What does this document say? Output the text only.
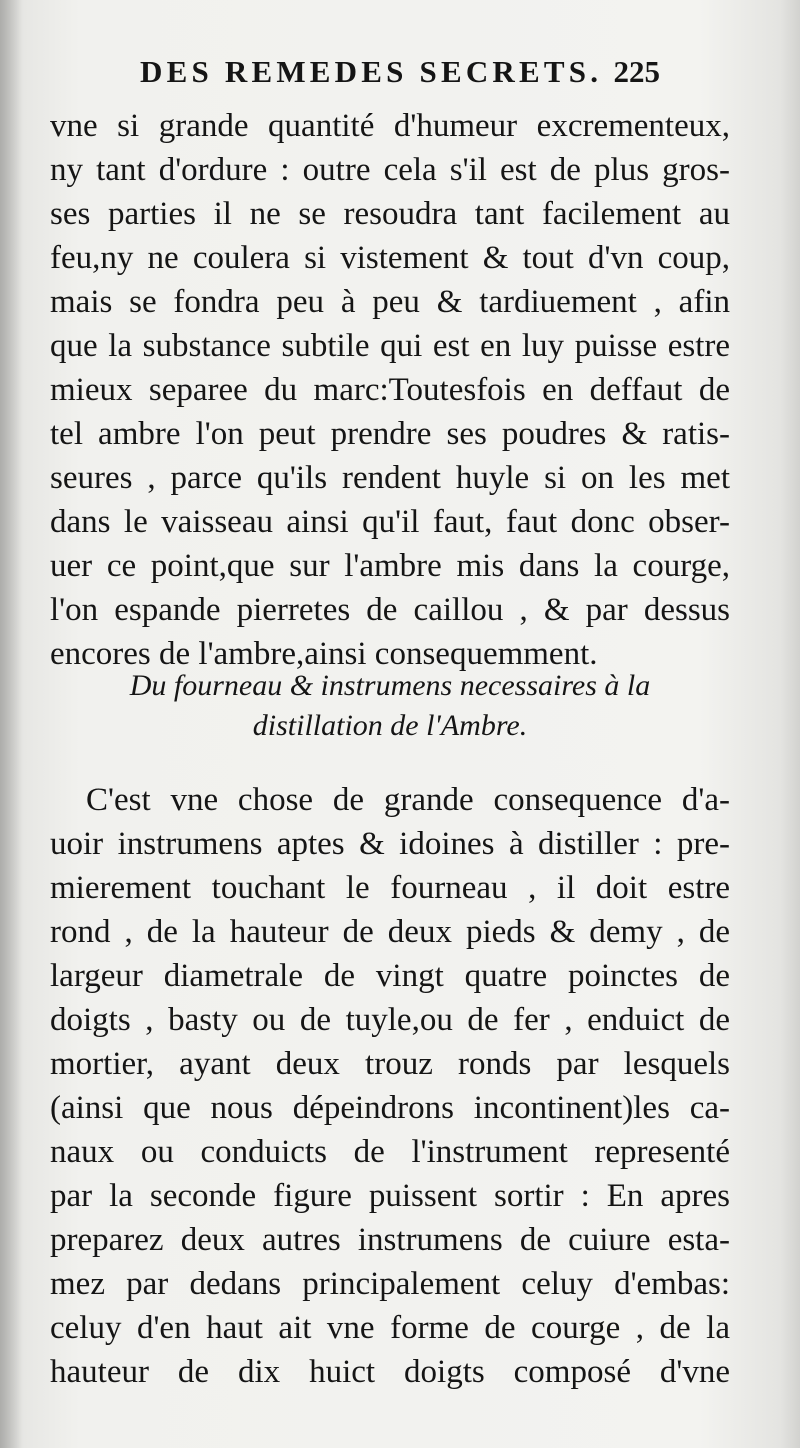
DES REMEDES SECRETS. 225

vne si grande quantité d'humeur excrementeux,

ny tant d'ordure : outre cela s'il est de plus gros-

ses parties il ne se resoudra tant facilement au

feu,ny ne coulera si vistement & tout d'vn coup,

mais se fondra peu à peu & tardiuement , afin

que la substance subtile qui est en luy puisse estre

mieux separee du marc:Toutesfois en deffaut de

tel ambre l'on peut prendre ses poudres & ratis-

seures , parce qu'ils rendent huyle si on les met

dans le vaisseau ainsi qu'il faut, faut donc obser-

uer ce point,que sur l'ambre mis dans la courge,

l'on espande pierretes de caillou , & par dessus

encores de l'ambre,ainsi consequemment.

Du fourneau & instrumens necessaires à la
distillation de l'Ambre.

C'est vne chose de grande consequence d'a-

uoir instrumens aptes & idoines à distiller : pre-

mierement touchant le fourneau , il doit estre

rond , de la hauteur de deux pieds & demy , de

largeur diametrale de vingt quatre poinctes de

doigts , basty ou de tuyle,ou de fer , enduict de

mortier, ayant deux trouz ronds par lesquels

(ainsi que nous dépeindrons incontinent)les ca-

naux ou conduicts de l'instrument representé

par la seconde figure puissent sortir : En apres

preparez deux autres instrumens de cuiure esta-

mez par dedans principalement celuy d'embas:

celuy d'en haut ait vne forme de courge , de la

hauteur de dix huict doigts composé d'vne
